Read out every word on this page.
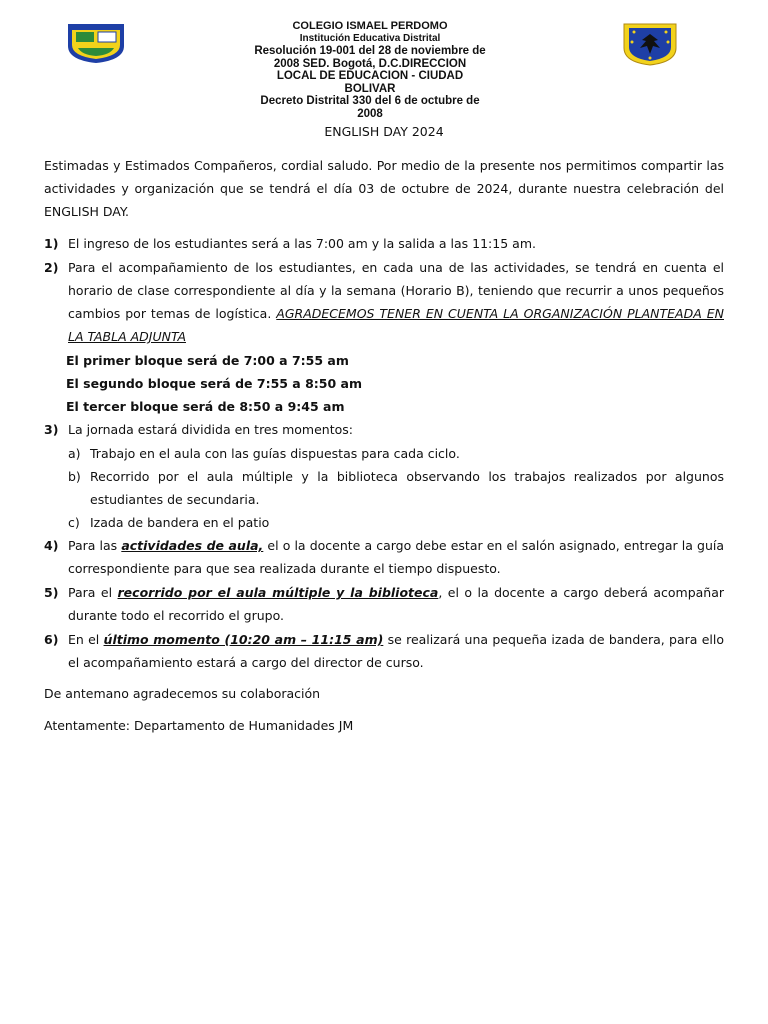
COLEGIO ISMAEL PERDOMO
Institución Educativa Distrital
Resolución 19-001 del 28 de noviembre de
2008 SED. Bogotá, D.C.DIRECCION
LOCAL DE EDUCACION - CIUDAD
BOLIVAR
Decreto Distrital 330 del 6 de octubre de
2008
ENGLISH DAY 2024

Estimadas y Estimados Compañeros, cordial saludo. Por medio de la presente nos permitimos compartir las actividades y organización que se tendrá el día 03 de octubre de 2024, durante nuestra celebración del ENGLISH DAY.

1) El ingreso de los estudiantes será a las 7:00 am y la salida a las 11:15 am.
2) Para el acompañamiento de los estudiantes, en cada una de las actividades, se tendrá en cuenta el horario de clase correspondiente al día y la semana (Horario B), teniendo que recurrir a unos pequeños cambios por temas de logística. AGRADECEMOS TENER EN CUENTA LA ORGANIZACIÓN PLANTEADA EN LA TABLA ADJUNTA
El primer bloque será de 7:00 a 7:55 am
El segundo bloque será de 7:55 a 8:50 am
El tercer bloque será de 8:50 a 9:45 am
3) La jornada estará dividida en tres momentos:
a) Trabajo en el aula con las guías dispuestas para cada ciclo.
b) Recorrido por el aula múltiple y la biblioteca observando los trabajos realizados por algunos estudiantes de secundaria.
c) Izada de bandera en el patio
4) Para las actividades de aula, el o la docente a cargo debe estar en el salón asignado, entregar la guía correspondiente para que sea realizada durante el tiempo dispuesto.
5) Para el recorrido por el aula múltiple y la biblioteca, el o la docente a cargo deberá acompañar durante todo el recorrido el grupo.
6) En el último momento (10:20 am – 11:15 am) se realizará una pequeña izada de bandera, para ello el acompañamiento estará a cargo del director de curso.
De antemano agradecemos su colaboración
Atentamente: Departamento de Humanidades JM
